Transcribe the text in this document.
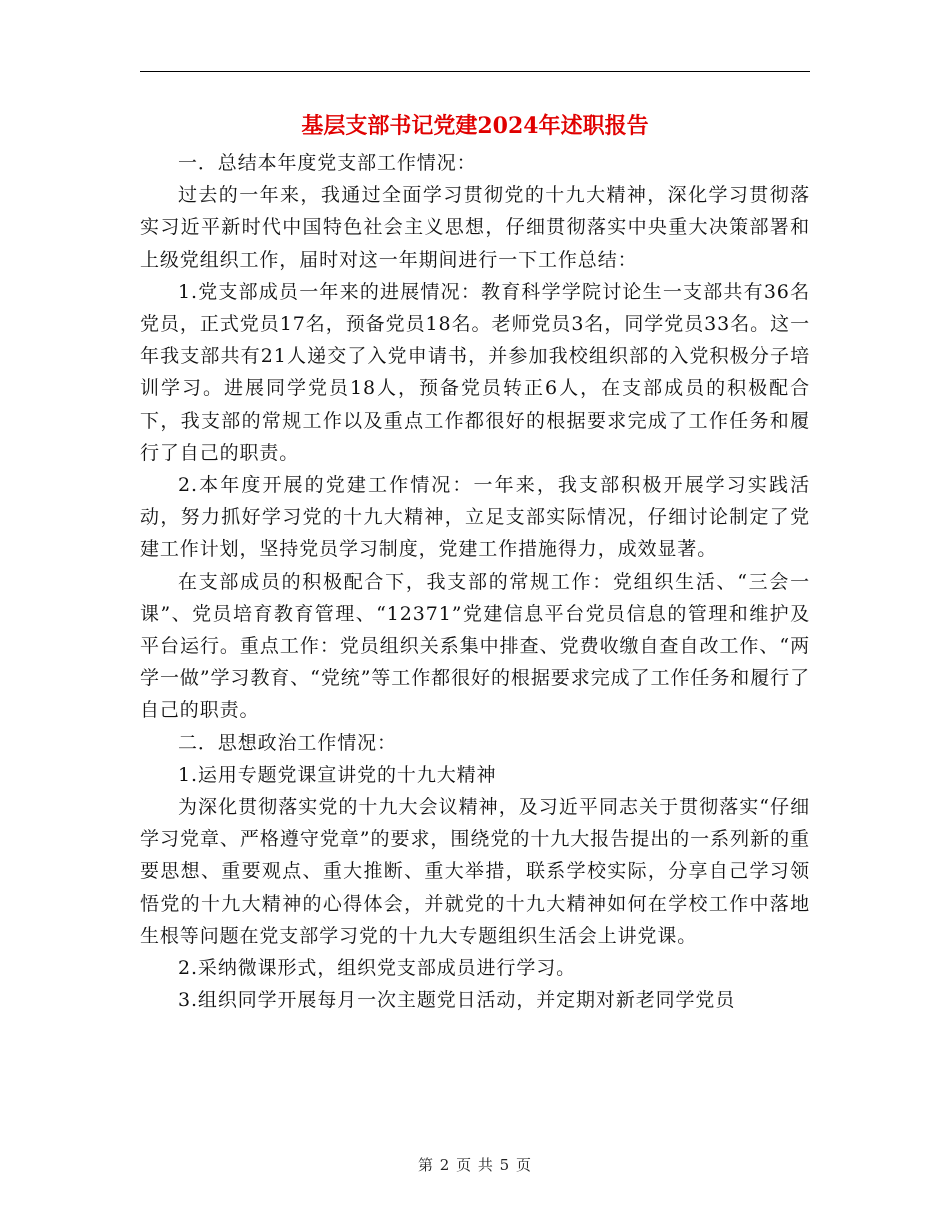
基层支部书记党建2024年述职报告

一．总结本年度党支部工作情况：

过去的一年来，我通过全面学习贯彻党的十九大精神，深化学习贯彻落实习近平新时代中国特色社会主义思想，仔细贯彻落实中央重大决策部署和上级党组织工作，届时对这一年期间进行一下工作总结：

1.党支部成员一年来的进展情况：教育科学学院讨论生一支部共有36名党员，正式党员17名，预备党员18名。老师党员3名，同学党员33名。这一年我支部共有21人递交了入党申请书，并参加我校组织部的入党积极分子培训学习。进展同学党员18人，预备党员转正6人，在支部成员的积极配合下，我支部的常规工作以及重点工作都很好的根据要求完成了工作任务和履行了自己的职责。

2.本年度开展的党建工作情况：一年来，我支部积极开展学习实践活动，努力抓好学习党的十九大精神，立足支部实际情况，仔细讨论制定了党建工作计划，坚持党员学习制度，党建工作措施得力，成效显著。

在支部成员的积极配合下，我支部的常规工作：党组织生活、“三会一课”、党员培育教育管理、“12371”党建信息平台党员信息的管理和维护及平台运行。重点工作：党员组织关系集中排查、党费收缴自查自改工作、“两学一做”学习教育、“党统”等工作都很好的根据要求完成了工作任务和履行了自己的职责。

二．思想政治工作情况：

1.运用专题党课宣讲党的十九大精神

为深化贯彻落实党的十九大会议精神，及习近平同志关于贯彻落实“仔细学习党章、严格遵守党章”的要求，围绕党的十九大报告提出的一系列新的重要思想、重要观点、重大推断、重大举措，联系学校实际，分享自己学习领悟党的十九大精神的心得体会，并就党的十九大精神如何在学校工作中落地生根等问题在党支部学习党的十九大专题组织生活会上讲党课。

2.采纳微课形式，组织党支部成员进行学习。

3.组织同学开展每月一次主题党日活动，并定期对新老同学党员

第 2 页 共 5 页
